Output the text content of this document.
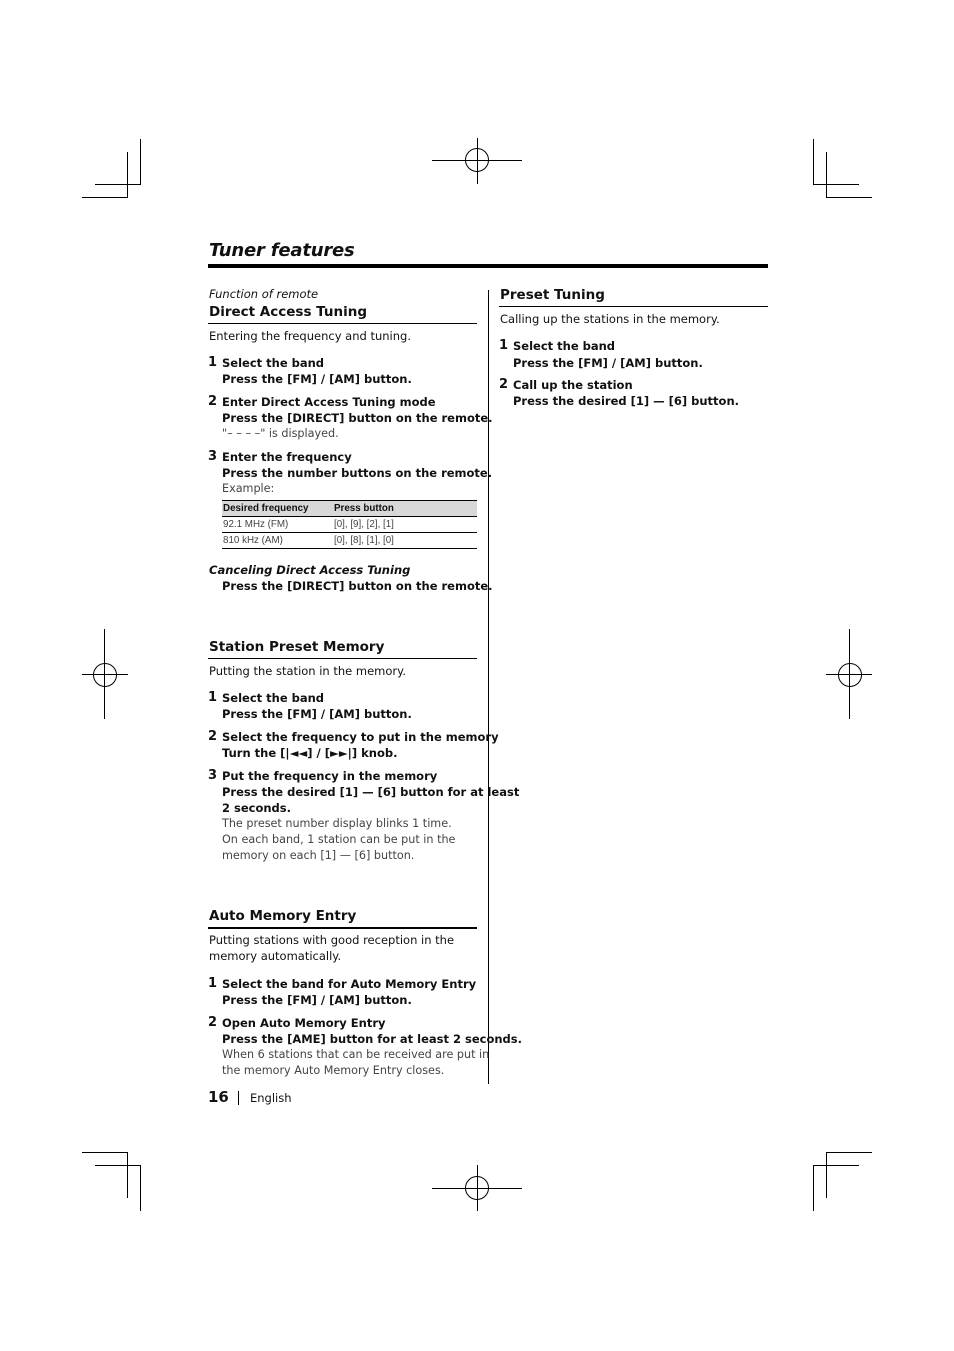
Tuner features
Function of remote
Direct Access Tuning
Entering the frequency and tuning.
1 Select the band
Press the [FM] / [AM] button.
2 Enter Direct Access Tuning mode
Press the [DIRECT] button on the remote.
"– – – –" is displayed.
3 Enter the frequency
Press the number buttons on the remote.
Example:
Desired frequency	Press button
92.1 MHz (FM)	[0], [9], [2], [1]
810 kHz (AM)	[0], [8], [1], [0]
Canceling Direct Access Tuning
Press the [DIRECT] button on the remote.
Station Preset Memory
Putting the station in the memory.
1 Select the band
Press the [FM] / [AM] button.
2 Select the frequency to put in the memory
Turn the [|◄◄] / [►►|] knob.
3 Put the frequency in the memory
Press the desired [1] — [6] button for at least
2 seconds.
The preset number display blinks 1 time.
On each band, 1 station can be put in the
memory on each [1] — [6] button.
Auto Memory Entry
Putting stations with good reception in the
memory automatically.
1 Select the band for Auto Memory Entry
Press the [FM] / [AM] button.
2 Open Auto Memory Entry
Press the [AME] button for at least 2 seconds.
When 6 stations that can be received are put in
the memory Auto Memory Entry closes.
Preset Tuning
Calling up the stations in the memory.
1 Select the band
Press the [FM] / [AM] button.
2 Call up the station
Press the desired [1] — [6] button.
16 English
